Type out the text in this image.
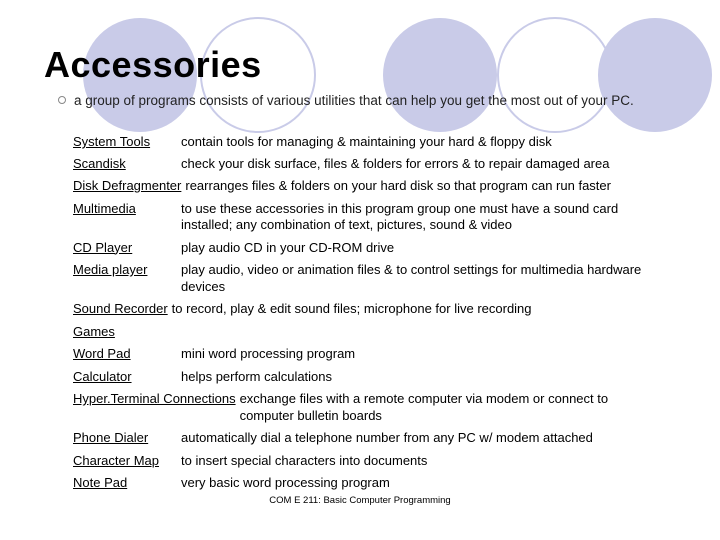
Accessories
a group of programs consists of various utilities that can help you get the most out of your PC.
System Tools	contain tools for managing & maintaining your hard & floppy disk
Scandisk	check your disk surface, files & folders for errors & to repair damaged area
Disk Defragmenter rearranges files & folders on your hard disk so that program can run faster
Multimedia	to use these accessories in this program group one must have a sound card installed; any combination of text, pictures, sound & video
CD Player	play audio CD in your CD-ROM drive
Media player	play audio, video or animation files & to control settings for multimedia hardware devices
Sound Recorder to record, play & edit sound files; microphone for live recording
Games
Word Pad	mini word processing program
Calculator	helps perform calculations
Hyper.Terminal Connections exchange files with a remote computer via modem or connect to computer bulletin boards
Phone Dialer	automatically dial a telephone number from any PC w/ modem attached
Character Map	to insert special characters into documents
Note Pad	very basic word processing program
COM E 211: Basic Computer Programming
